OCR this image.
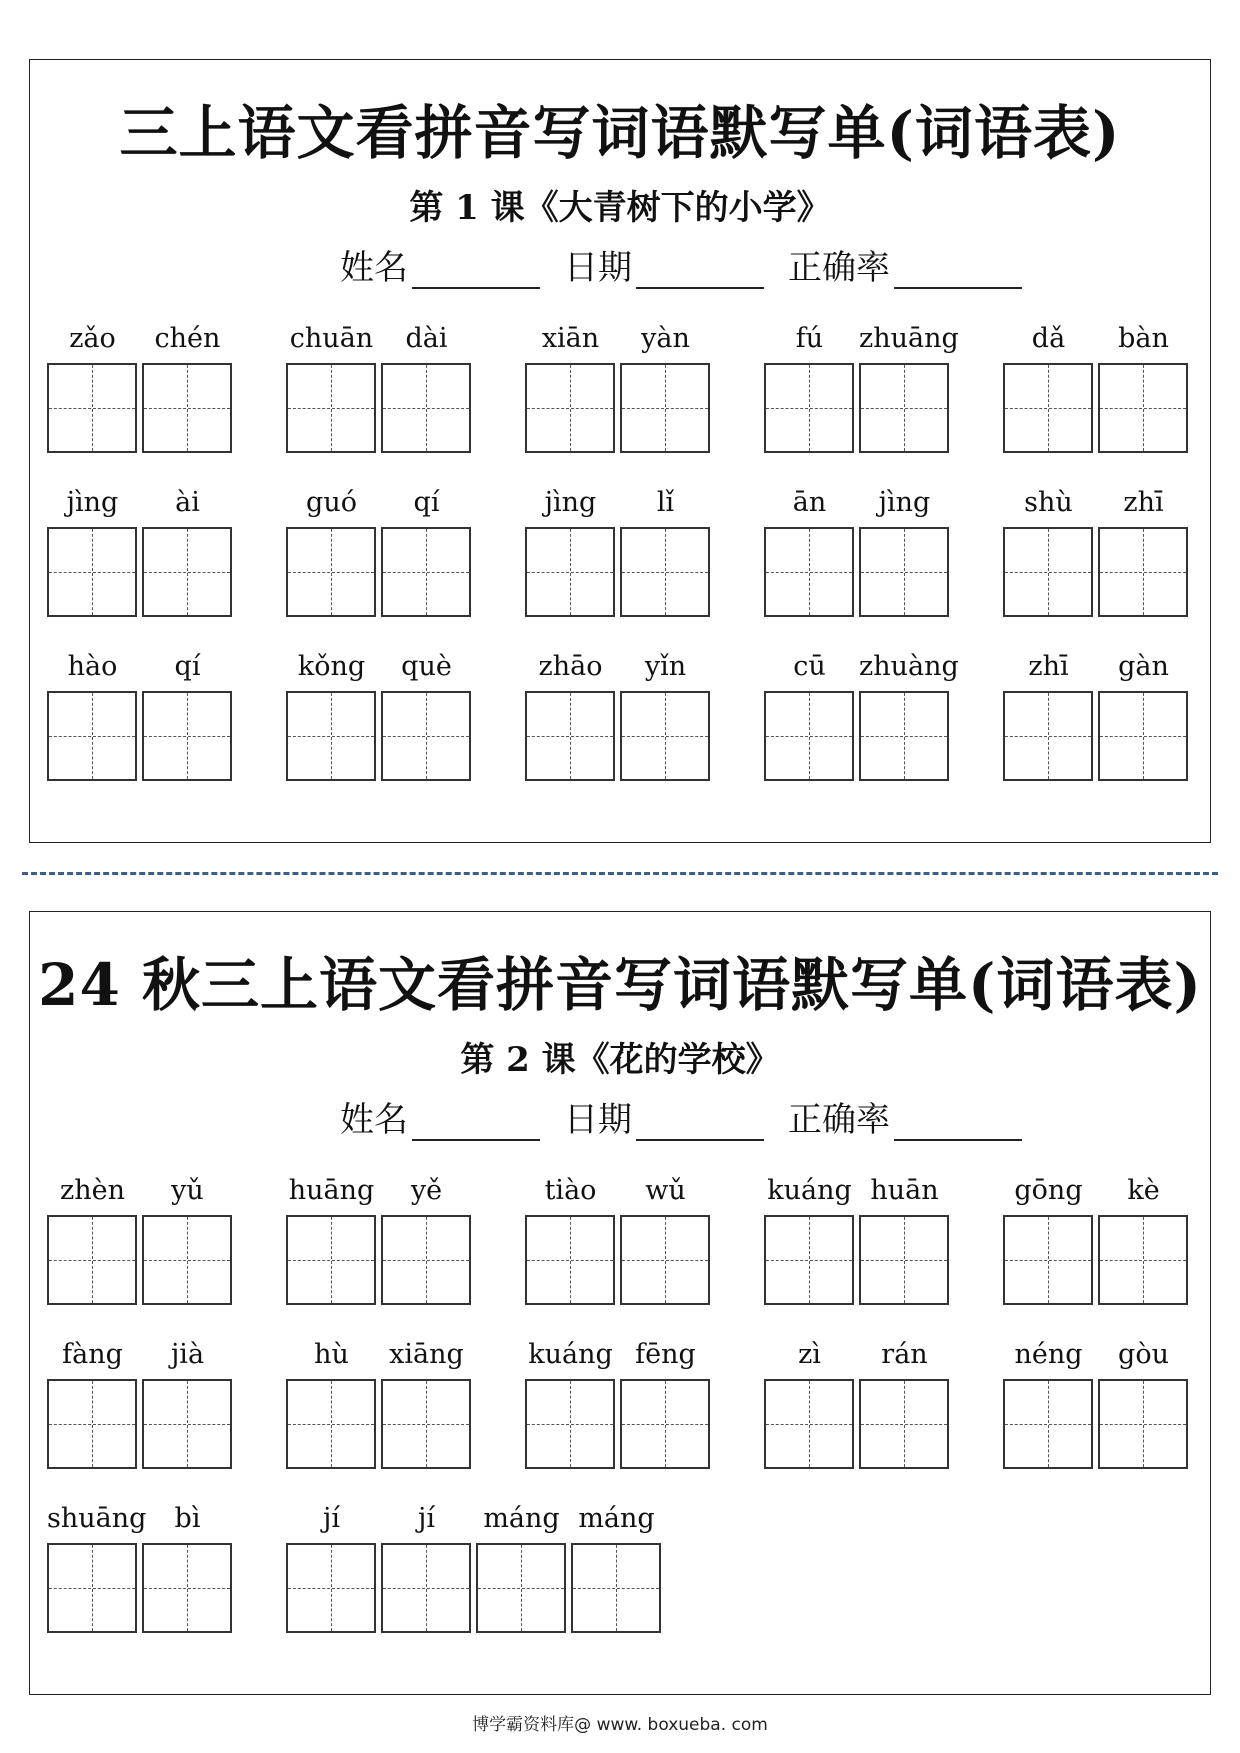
三上语文看拼音写词语默写单(词语表)
第 1 课《大青树下的小学》
姓名	日期	正确率
zǎo	chén	chuān	dài	xiān	yàn	fú	zhuāng	dǎ	bàn
jìng	ài	guó	qí	jìng	lǐ	ān	jìng	shù	zhī
hào	qí	kǒng	què	zhāo	yǐn	cū	zhuàng	zhī	gàn
24 秋三上语文看拼音写词语默写单(词语表)
第 2 课《花的学校》
姓名	日期	正确率
zhèn	yǔ	huāng	yě	tiào	wǔ	kuáng huān	gōng	kè
fàng	jià	hù	xiāng	kuáng fēng	zì	rán	néng	gòu
shuāng	bì	jí	jí	máng máng
博学霸资料库@ www. boxueba. com
